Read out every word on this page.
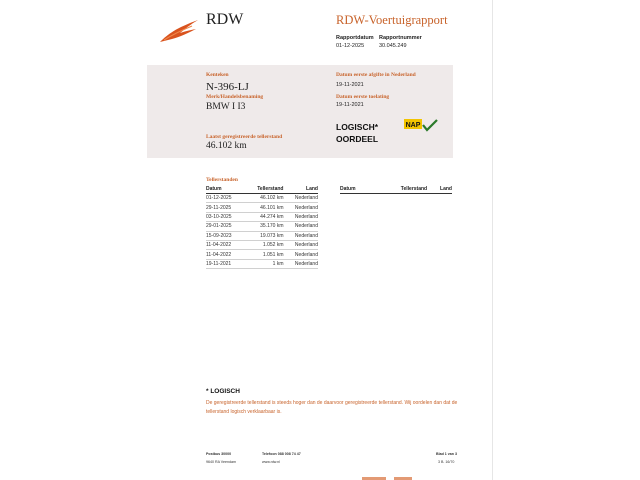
RDW	RDW-Voertuigrapport
Rapportdatum
01-12-2025
Rapportnummer
30.045.249
Kenteken
N-396-LJ
Merk/Handelsbenaming
BMW I I3
Datum eerste afgifte in Nederland
19-11-2021
Datum eerste toelating
19-11-2021
Laatst geregistreerde tellerstand
46.102 km
LOGISCH*
OORDEEL
NAP
Tellerstanden
Datum	Tellerstand	Land
01-12-2025	46.102 km	Nederland
29-11-2025	46.101 km	Nederland
03-10-2025	44.274 km	Nederland
29-01-2025	35.170 km	Nederland
15-09-2023	19.073 km	Nederland
11-04-2022	1.052 km	Nederland
11-04-2022	1.051 km	Nederland
19-11-2021	1 km	Nederland
Datum	Tellerstand	Land
* LOGISCH
De geregistreerde tellerstand is steeds hoger dan de daarvoor geregistreerde tellerstand. Wij oordelen dan dat de tellerstand logisch verklaarbaar is.
Postbus 30000
9640 RA Veendam
Telefoon 088 008 74 47
www.rdw.nl
Blad 1 van 3
3 B. 16/70
